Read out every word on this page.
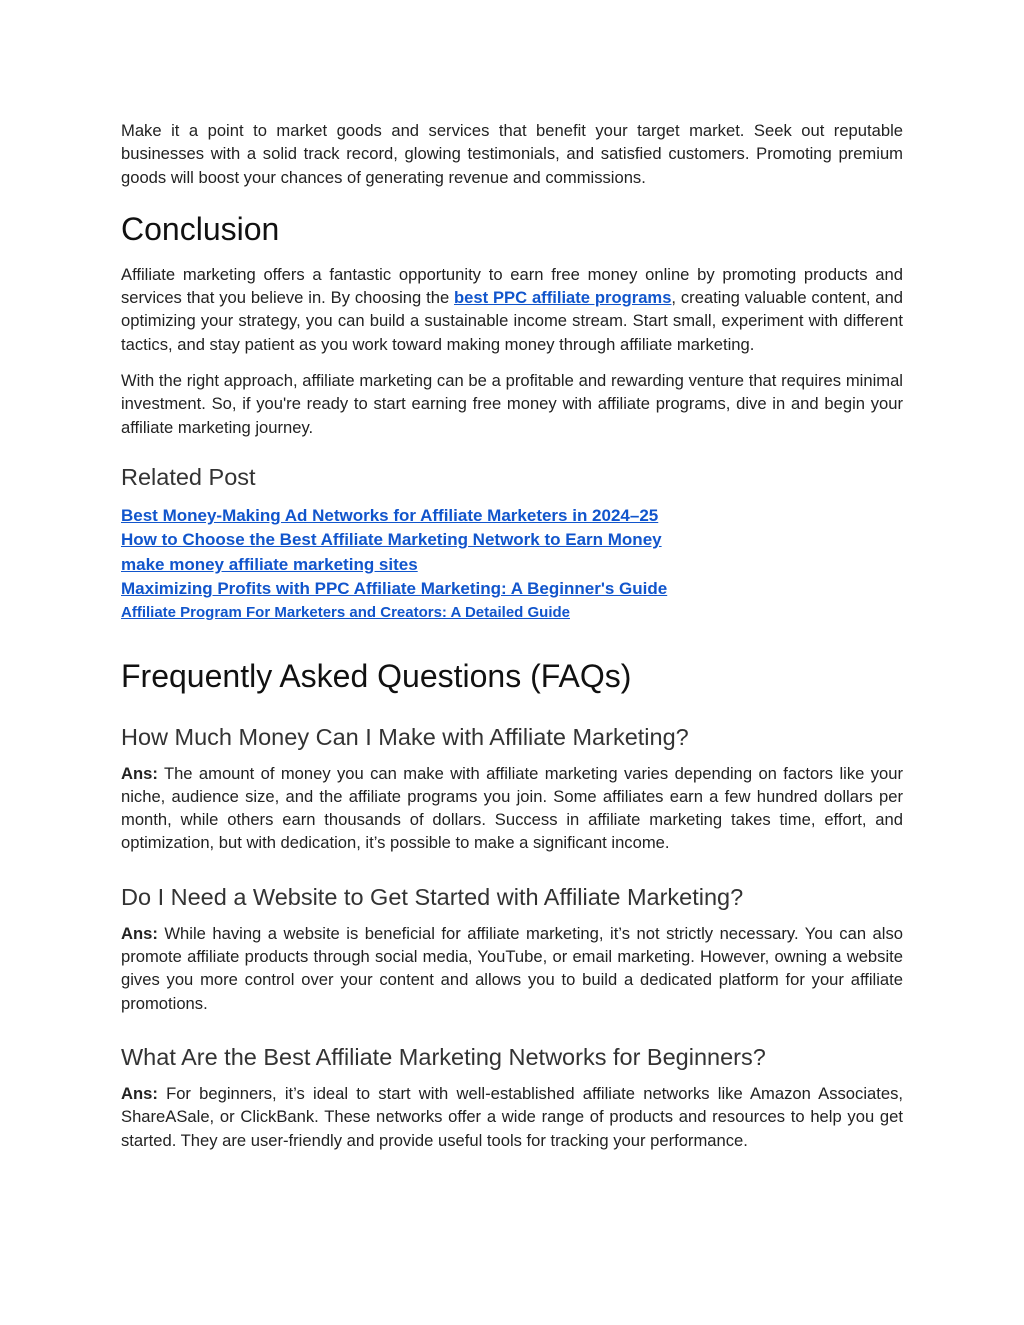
Make it a point to market goods and services that benefit your target market. Seek out reputable businesses with a solid track record, glowing testimonials, and satisfied customers. Promoting premium goods will boost your chances of generating revenue and commissions.

Conclusion

Affiliate marketing offers a fantastic opportunity to earn free money online by promoting products and services that you believe in. By choosing the best PPC affiliate programs, creating valuable content, and optimizing your strategy, you can build a sustainable income stream. Start small, experiment with different tactics, and stay patient as you work toward making money through affiliate marketing.

With the right approach, affiliate marketing can be a profitable and rewarding venture that requires minimal investment. So, if you're ready to start earning free money with affiliate programs, dive in and begin your affiliate marketing journey.

Related Post
Best Money-Making Ad Networks for Affiliate Marketers in 2024–25
How to Choose the Best Affiliate Marketing Network to Earn Money
make money affiliate marketing sites
Maximizing Profits with PPC Affiliate Marketing: A Beginner's Guide
Affiliate Program For Marketers and Creators: A Detailed Guide
Frequently Asked Questions (FAQs)
How Much Money Can I Make with Affiliate Marketing?

Ans: The amount of money you can make with affiliate marketing varies depending on factors like your niche, audience size, and the affiliate programs you join. Some affiliates earn a few hundred dollars per month, while others earn thousands of dollars. Success in affiliate marketing takes time, effort, and optimization, but with dedication, it’s possible to make a significant income.

Do I Need a Website to Get Started with Affiliate Marketing?

Ans: While having a website is beneficial for affiliate marketing, it’s not strictly necessary. You can also promote affiliate products through social media, YouTube, or email marketing. However, owning a website gives you more control over your content and allows you to build a dedicated platform for your affiliate promotions.

What Are the Best Affiliate Marketing Networks for Beginners?

Ans: For beginners, it’s ideal to start with well-established affiliate networks like Amazon Associates, ShareASale, or ClickBank. These networks offer a wide range of products and resources to help you get started. They are user-friendly and provide useful tools for tracking your performance.
